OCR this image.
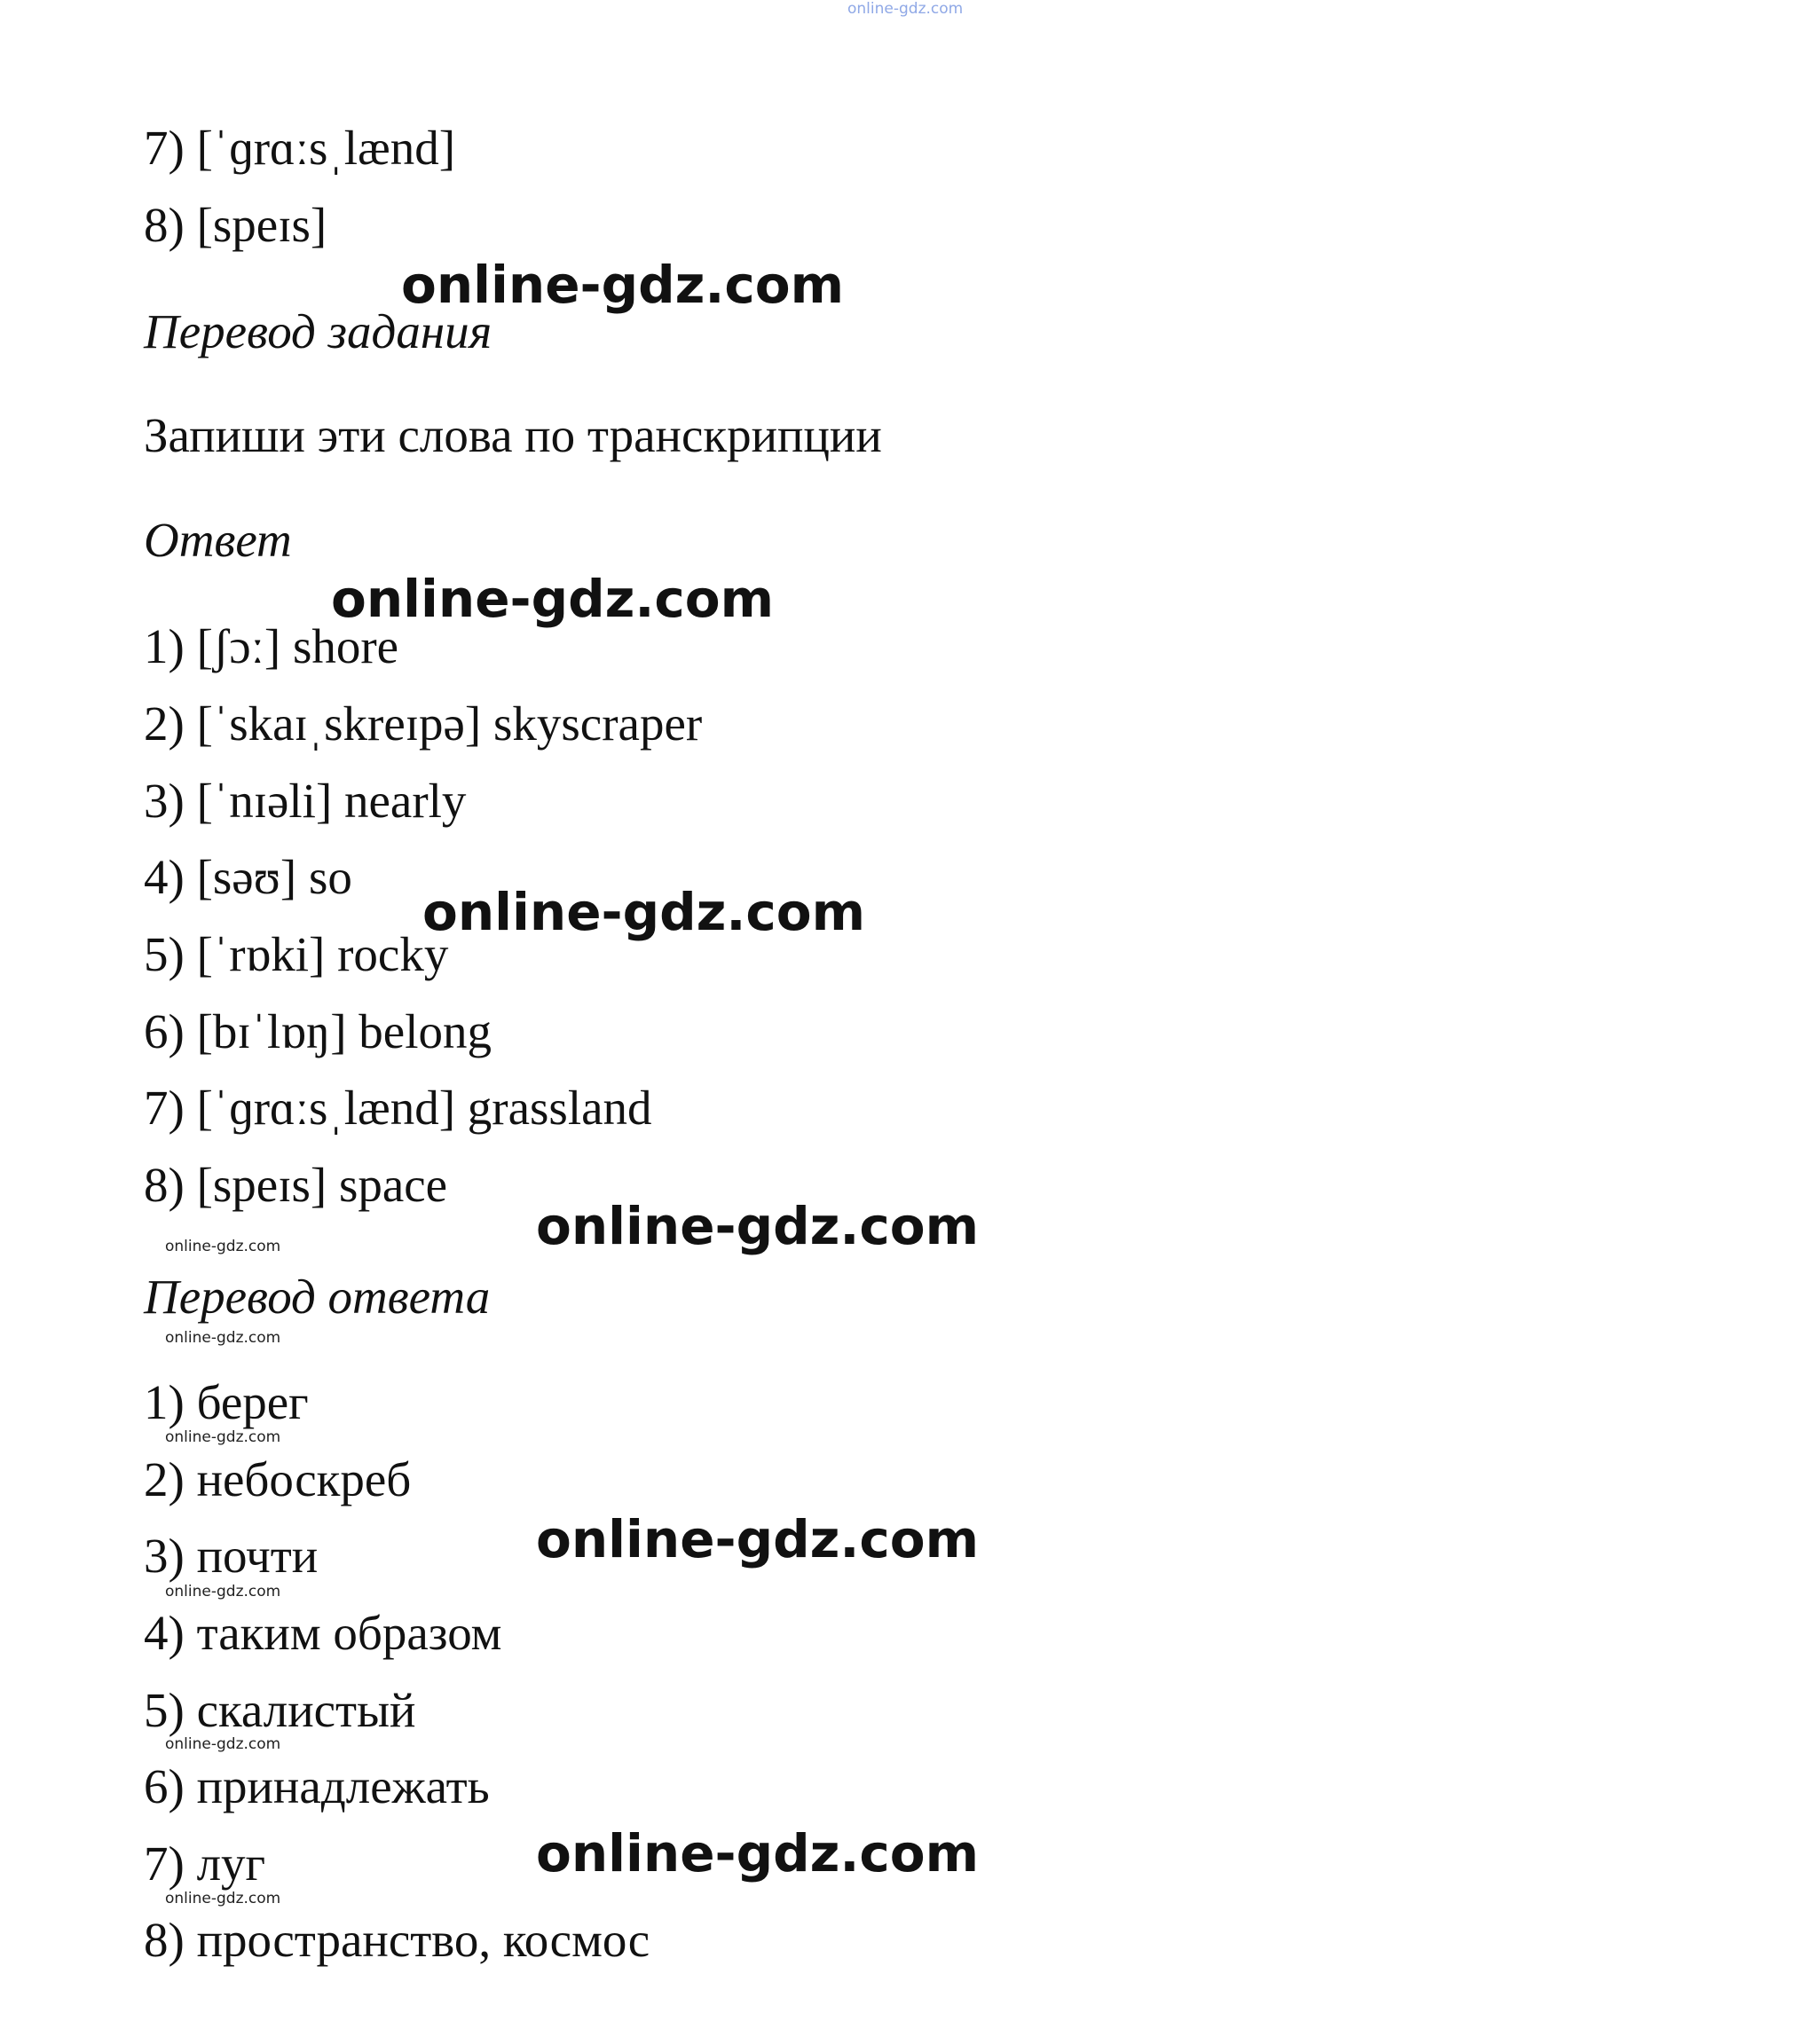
online-gdz.com
7) [ˈɡrɑːsˌlænd]
8) [speɪs]
Перевод задания
Запиши эти слова по транскрипции
Ответ
1) [ʃɔː] shore
2) [ˈskaɪˌskreɪpə] skyscraper
3) [ˈnɪəli] nearly
4) [səʊ] so
5) [ˈrɒki] rocky
6) [bɪˈlɒŋ] belong
7) [ˈɡrɑːsˌlænd] grassland
8) [speɪs] space
Перевод ответа
1) берег
2) небоскреб
3) почти
4) таким образом
5) скалистый
6) принадлежать
7) луг
8) пространство, космос
online-gdz.com
online-gdz.com
online-gdz.com
online-gdz.com
online-gdz.com
online-gdz.com
online-gdz.com
online-gdz.com
online-gdz.com
online-gdz.com
online-gdz.com
online-gdz.com
